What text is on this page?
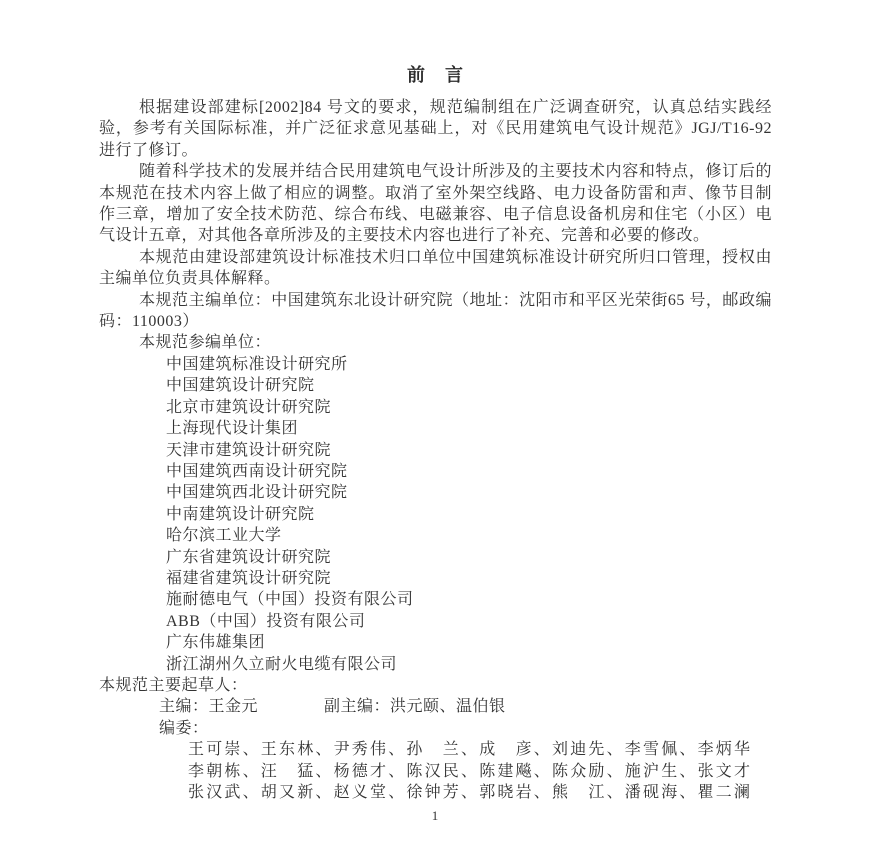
前　言

根据建设部建标[2002]84 号文的要求，规范编制组在广泛调查研究，认真总结实践经验，参考有关国际标准，并广泛征求意见基础上，对《民用建筑电气设计规范》JGJ/T16-92进行了修订。

随着科学技术的发展并结合民用建筑电气设计所涉及的主要技术内容和特点，修订后的本规范在技术内容上做了相应的调整。取消了室外架空线路、电力设备防雷和声、像节目制作三章，增加了安全技术防范、综合布线、电磁兼容、电子信息设备机房和住宅（小区）电气设计五章，对其他各章所涉及的主要技术内容也进行了补充、完善和必要的修改。

本规范由建设部建筑设计标准技术归口单位中国建筑标准设计研究所归口管理，授权由主编单位负责具体解释。

本规范主编单位：中国建筑东北设计研究院（地址：沈阳市和平区光荣街65 号，邮政编码：110003）

本规范参编单位：
中国建筑标准设计研究所
中国建筑设计研究院
北京市建筑设计研究院
上海现代设计集团
天津市建筑设计研究院
中国建筑西南设计研究院
中国建筑西北设计研究院
中南建筑设计研究院
哈尔滨工业大学
广东省建筑设计研究院
福建省建筑设计研究院
施耐德电气（中国）投资有限公司
ABB（中国）投资有限公司
广东伟雄集团
浙江湖州久立耐火电缆有限公司
本规范主要起草人：
主编：王金元　　　　副主编：洪元颐、温伯银
编委：
王可崇、王东林、尹秀伟、孙　兰、成　彦、刘迪先、李雪佩、李炳华
李朝栋、汪　猛、杨德才、陈汉民、陈建飚、陈众励、施沪生、张文才
张汉武、胡又新、赵义堂、徐钟芳、郭晓岩、熊　江、潘砚海、瞿二澜
1
